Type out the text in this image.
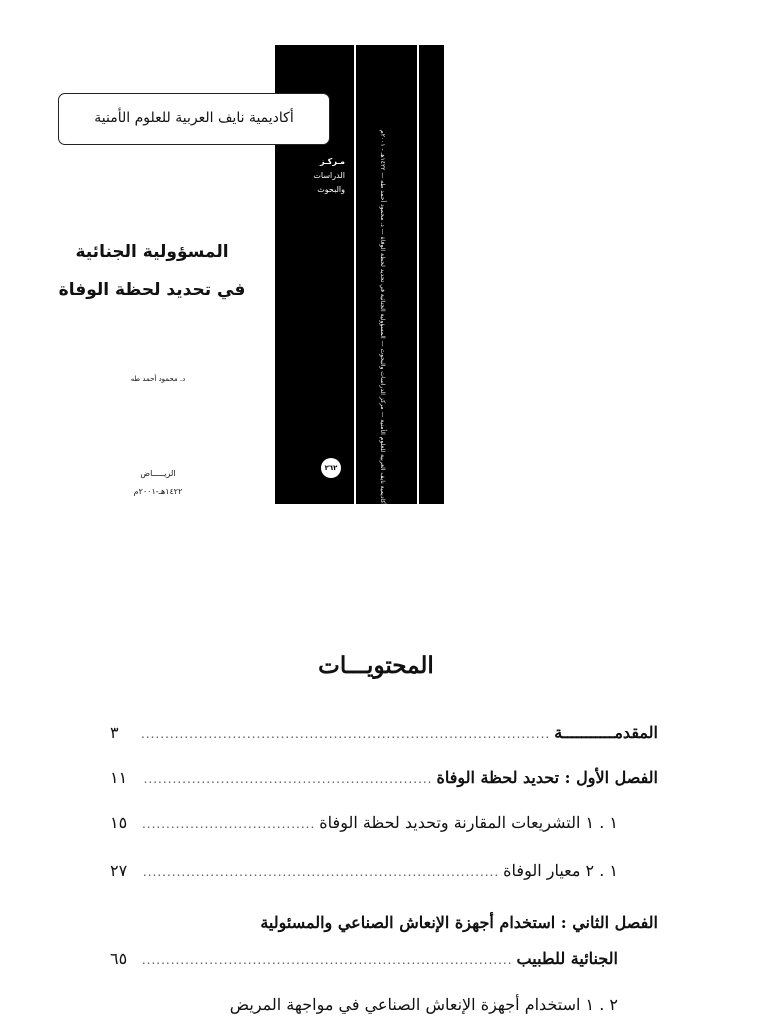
مـركـز
الدراسات
والبحوث
أكاديمية نايف العربية للعلوم الأمنية — مركز الدراسات والبحوث — المسؤولية الجنائية في تحديد لحظة الوفاة — د. محمود أحمد طه — ١٤٢٢هـ - ٢٠٠١م
٢٦٢
أكاديمية نايف العربية للعلوم الأمنية
المسؤولية الجنائية
في تحديد لحظة الوفاة
د. محمود أحمد طه
الريـــــاض
١٤٢٢هـ-٢٠٠١م
المحتويـــات
المقدمـــــــــــة
.....
٣
الفصل الأول : تحديد لحظة الوفاة
.....
١١
١ . ١ التشريعات المقارنة وتحديد لحظة الوفاة
.....
١٥
١ . ٢ معيار الوفاة
.....
٢٧
الفصل الثاني : استخدام أجهزة الإنعاش الصناعي والمسئولية
الجنائية للطبيب
.....
٦٥
٢ . ١ استخدام أجهزة الإنعاش الصناعي في مواجهة المريض
